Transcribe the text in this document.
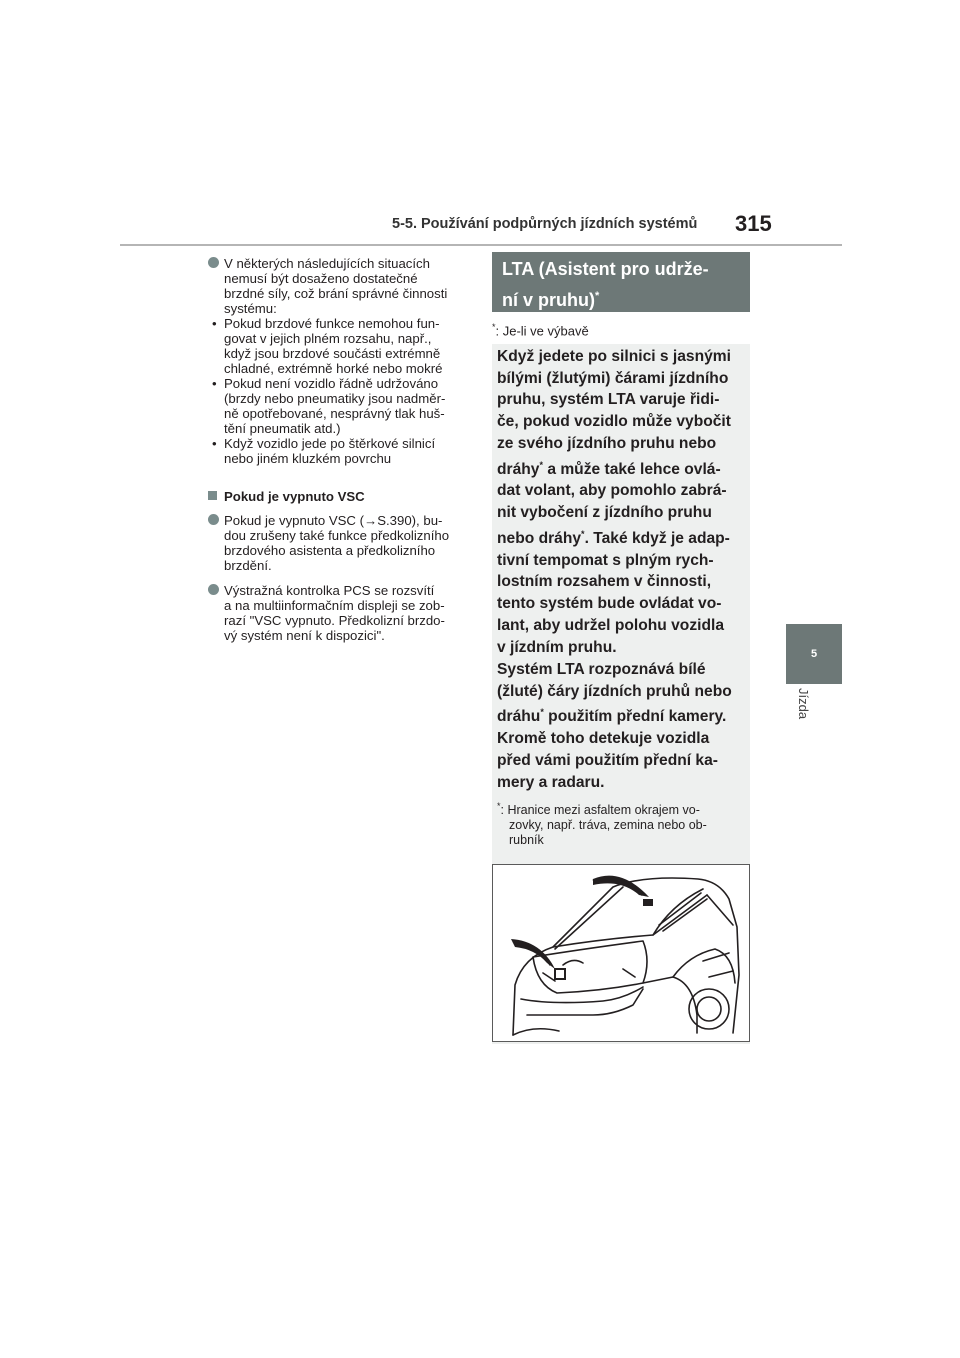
5-5. Používání podpůrných jízdních systémů 315
5
Jízda
V některých následujících situacích
nemusí být dosaženo dostatečné
brzdné síly, což brání správné činnosti
systému:
• Pokud brzdové funkce nemohou fun-
govat v jejich plném rozsahu, např.,
když jsou brzdové součásti extrémně
chladné, extrémně horké nebo mokré
• Pokud není vozidlo řádně udržováno
(brzdy nebo pneumatiky jsou nadměr-
ně opotřebované, nesprávný tlak huš-
tění pneumatik atd.)
• Když vozidlo jede po štěrkové silnicí
nebo jiném kluzkém povrchu
Pokud je vypnuto VSC
Pokud je vypnuto VSC (→S.390), bu-
dou zrušeny také funkce předkolizního
brzdového asistenta a předkolizního
brzdění.
Výstražná kontrolka PCS se rozsvítí
a na multiinformačním displeji se zob-
razí "VSC vypnuto. Předkolizní brzdo-
vý systém není k dispozici".
LTA (Asistent pro udrže-
ní v pruhu)*
*: Je-li ve výbavě
Když jedete po silnici s jasnými
bílými (žlutými) čárami jízdního
pruhu, systém LTA varuje řidi-
če, pokud vozidlo může vybočit
ze svého jízdního pruhu nebo
dráhy* a může také lehce ovlá-
dat volant, aby pomohlo zabrá-
nit vybočení z jízdního pruhu
nebo dráhy*. Také když je adap-
tivní tempomat s plným rych-
lostním rozsahem v činnosti,
tento systém bude ovládat vo-
lant, aby udržel polohu vozidla
v jízdním pruhu.
Systém LTA rozpoznává bílé
(žluté) čáry jízdních pruhů nebo
dráhu* použitím přední kamery.
Kromě toho detekuje vozidla
před vámi použitím přední ka-
mery a radaru.
*: Hranice mezi asfaltem okrajem vo-
zovky, např. tráva, zemina nebo ob-
rubník
